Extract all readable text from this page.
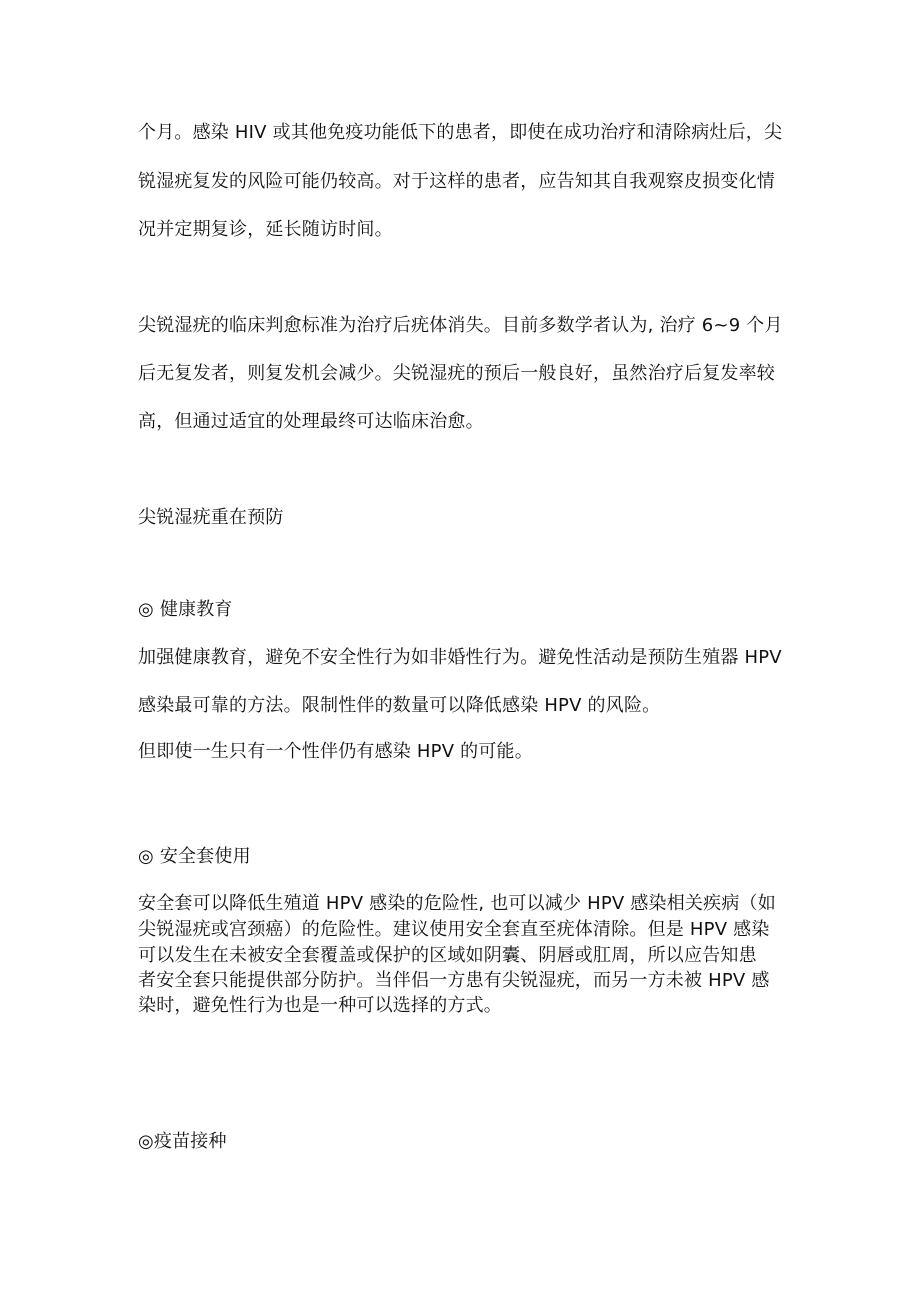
个月。感染 HIV 或其他免疫功能低下的患者，即使在成功治疗和清除病灶后，尖
锐湿疣复发的风险可能仍较高。对于这样的患者，应告知其自我观察皮损变化情
况并定期复诊，延长随访时间。
尖锐湿疣的临床判愈标准为治疗后疣体消失。目前多数学者认为, 治疗 6~9 个月
后无复发者，则复发机会减少。尖锐湿疣的预后一般良好，虽然治疗后复发率较
高，但通过适宜的处理最终可达临床治愈。
尖锐湿疣重在预防
◎ 健康教育
加强健康教育，避免不安全性行为如非婚性行为。避免性活动是预防生殖器 HPV
感染最可靠的方法。限制性伴的数量可以降低感染 HPV 的风险。
但即使一生只有一个性伴仍有感染 HPV 的可能。
◎ 安全套使用
安全套可以降低生殖道 HPV 感染的危险性, 也可以减少 HPV 感染相关疾病（如
尖锐湿疣或宫颈癌）的危险性。建议使用安全套直至疣体清除。但是 HPV 感染
可以发生在未被安全套覆盖或保护的区域如阴囊、阴唇或肛周，所以应告知患
者安全套只能提供部分防护。当伴侣一方患有尖锐湿疣，而另一方未被 HPV 感
染时，避免性行为也是一种可以选择的方式。
◎疫苗接种
